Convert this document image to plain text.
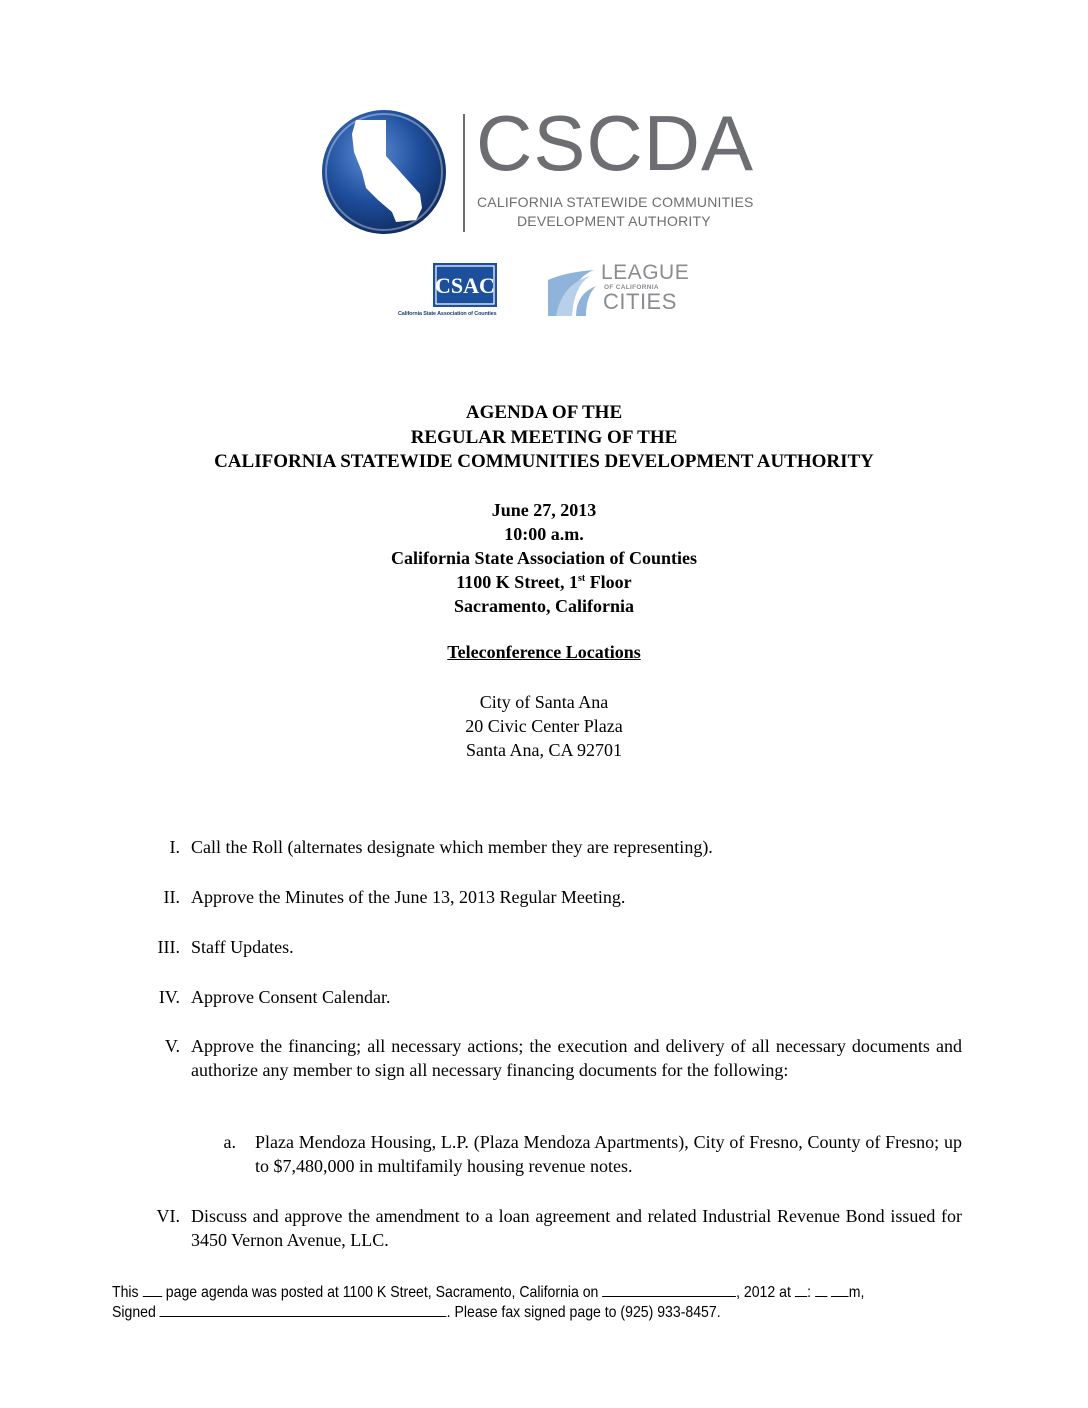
CSCDA
CALIFORNIA STATEWIDE COMMUNITIES
DEVELOPMENT AUTHORITY
CSAC
California State Association of Counties
LEAGUE
OF CALIFORNIA
CITIES
AGENDA OF THE
REGULAR MEETING OF THE
CALIFORNIA STATEWIDE COMMUNITIES DEVELOPMENT AUTHORITY
June 27, 2013
10:00 a.m.
California State Association of Counties
1100 K Street, 1st Floor
Sacramento, California
Teleconference Locations
City of Santa Ana
20 Civic Center Plaza
Santa Ana, CA 92701
I. Call the Roll (alternates designate which member they are representing).
II. Approve the Minutes of the June 13, 2013 Regular Meeting.
III. Staff Updates.
IV. Approve Consent Calendar.
V. Approve the financing; all necessary actions; the execution and delivery of all necessary documents and authorize any member to sign all necessary financing documents for the following:
a. Plaza Mendoza Housing, L.P. (Plaza Mendoza Apartments), City of Fresno, County of Fresno; up to $7,480,000 in multifamily housing revenue notes.
VI. Discuss and approve the amendment to a loan agreement and related Industrial Revenue Bond issued for 3450 Vernon Avenue, LLC.
This page agenda was posted at 1100 K Street, Sacramento, California on	, 2012 at : m,
Signed	. Please fax signed page to (925) 933-8457.
